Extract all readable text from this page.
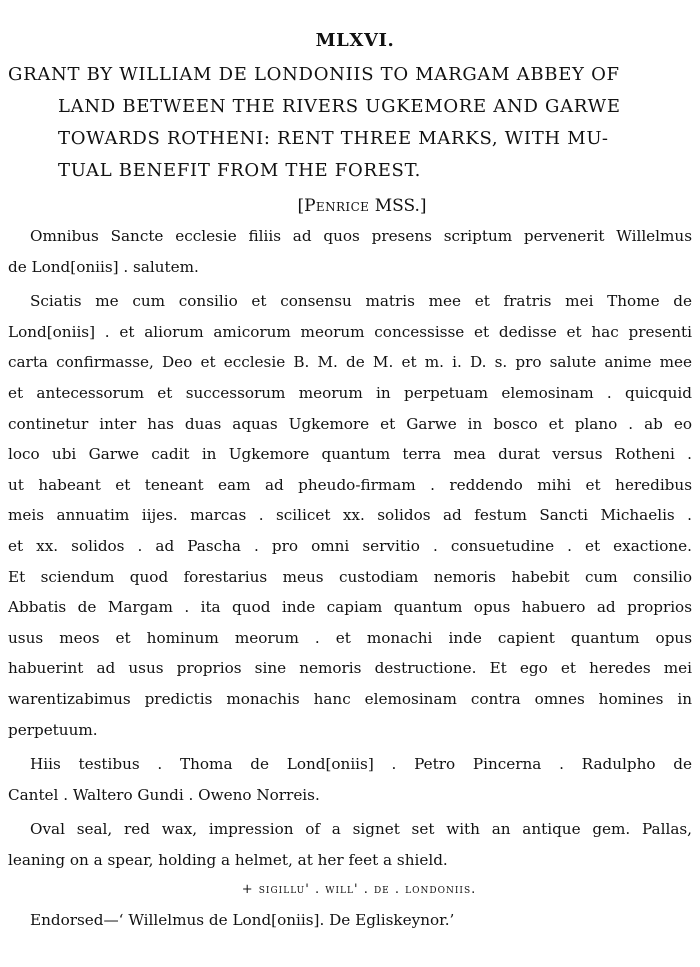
MLXVI.
GRANT BY WILLIAM DE LONDONIIS TO MARGAM ABBEY OF
LAND BETWEEN THE RIVERS UGKEMORE AND GARWE
TOWARDS ROTHENI: RENT THREE MARKS, WITH MU-
TUAL BENEFIT FROM THE FOREST.
[Penrice MSS.]
Omnibus Sancte ecclesie filiis ad quos presens scriptum pervenerit Willelmus
de Lond[oniis] . salutem.
Sciatis me cum consilio et consensu matris mee et fratris mei Thome de
Lond[oniis] . et aliorum amicorum meorum concessisse et dedisse et hac presenti
carta confirmasse, Deo et ecclesie B. M. de M. et m. i. D. s. pro salute anime mee
et antecessorum et successorum meorum in perpetuam elemosinam . quicquid
continetur inter has duas aquas Ugkemore et Garwe in bosco et plano . ab eo
loco ubi Garwe cadit in Ugkemore quantum terra mea durat versus Rotheni .
ut habeant et teneant eam ad pheudo-firmam . reddendo mihi et heredibus
meis annuatim iijes. marcas . scilicet xx. solidos ad festum Sancti Michaelis .
et xx. solidos . ad Pascha . pro omni servitio . consuetudine . et exactione.
Et sciendum quod forestarius meus custodiam nemoris habebit cum consilio
Abbatis de Margam . ita quod inde capiam quantum opus habuero ad proprios
usus meos et hominum meorum . et monachi inde capient quantum opus
habuerint ad usus proprios sine nemoris destructione. Et ego et heredes mei
warentizabimus predictis monachis hanc elemosinam contra omnes homines in
perpetuum.
Hiis testibus . Thoma de Lond[oniis] . Petro Pincerna . Radulpho de
Cantel . Waltero Gundi . Oweno Norreis.
Oval seal, red wax, impression of a signet set with an antique gem. Pallas,
leaning on a spear, holding a helmet, at her feet a shield.
+ sigillu' . will' . de . londoniis.
Endorsed—‘ Willelmus de Lond[oniis]. De Egliskeynor.’
